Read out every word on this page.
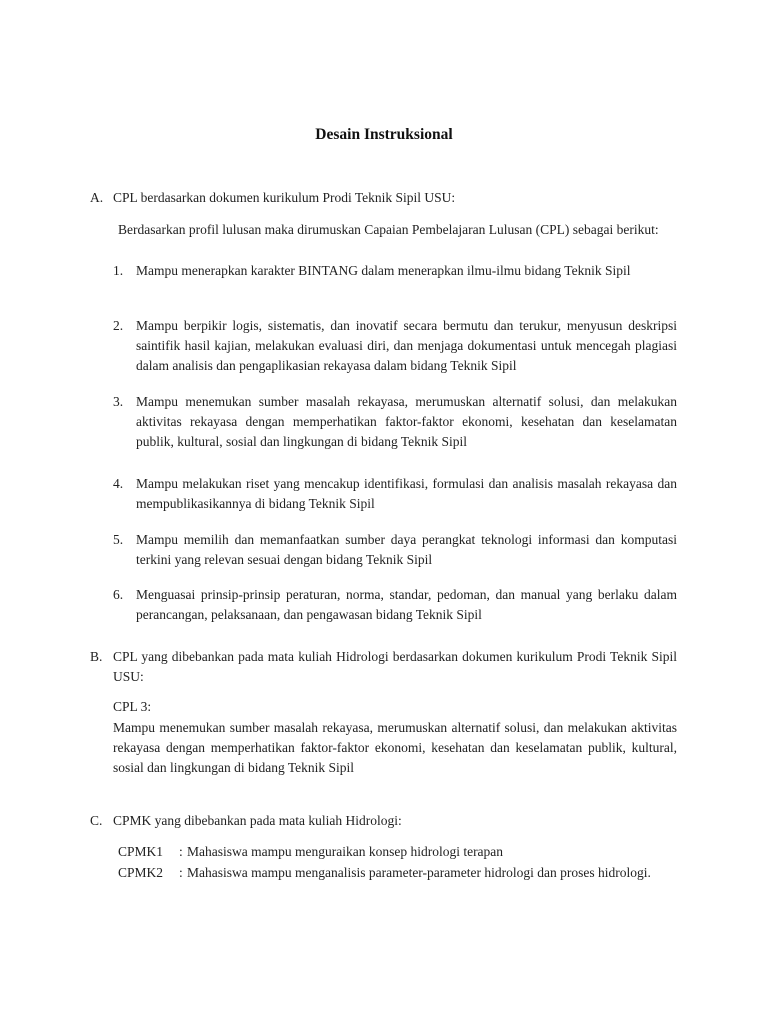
Desain Instruksional
A. CPL berdasarkan dokumen kurikulum Prodi Teknik Sipil USU:
Berdasarkan profil lulusan maka dirumuskan Capaian Pembelajaran Lulusan (CPL) sebagai berikut:
1. Mampu menerapkan karakter BINTANG dalam menerapkan ilmu-ilmu bidang Teknik Sipil
2. Mampu berpikir logis, sistematis, dan inovatif secara bermutu dan terukur, menyusun deskripsi saintifik hasil kajian, melakukan evaluasi diri, dan menjaga dokumentasi untuk mencegah plagiasi dalam analisis dan pengaplikasian rekayasa dalam bidang Teknik Sipil
3. Mampu menemukan sumber masalah rekayasa, merumuskan alternatif solusi, dan melakukan aktivitas rekayasa dengan memperhatikan faktor-faktor ekonomi, kesehatan dan keselamatan publik, kultural, sosial dan lingkungan di bidang Teknik Sipil
4. Mampu melakukan riset yang mencakup identifikasi, formulasi dan analisis masalah rekayasa dan mempublikasikannya di bidang Teknik Sipil
5. Mampu memilih dan memanfaatkan sumber daya perangkat teknologi informasi dan komputasi terkini yang relevan sesuai dengan bidang Teknik Sipil
6. Menguasai prinsip-prinsip peraturan, norma, standar, pedoman, dan manual yang berlaku dalam perancangan, pelaksanaan, dan pengawasan bidang Teknik Sipil
B. CPL yang dibebankan pada mata kuliah Hidrologi berdasarkan dokumen kurikulum Prodi Teknik Sipil USU:
CPL 3:
Mampu menemukan sumber masalah rekayasa, merumuskan alternatif solusi, dan melakukan aktivitas rekayasa dengan memperhatikan faktor-faktor ekonomi, kesehatan dan keselamatan publik, kultural, sosial dan lingkungan di bidang Teknik Sipil
C. CPMK yang dibebankan pada mata kuliah Hidrologi:
CPMK1	: Mahasiswa mampu menguraikan konsep hidrologi terapan
CPMK2	: Mahasiswa mampu menganalisis parameter-parameter hidrologi dan proses hidrologi.
